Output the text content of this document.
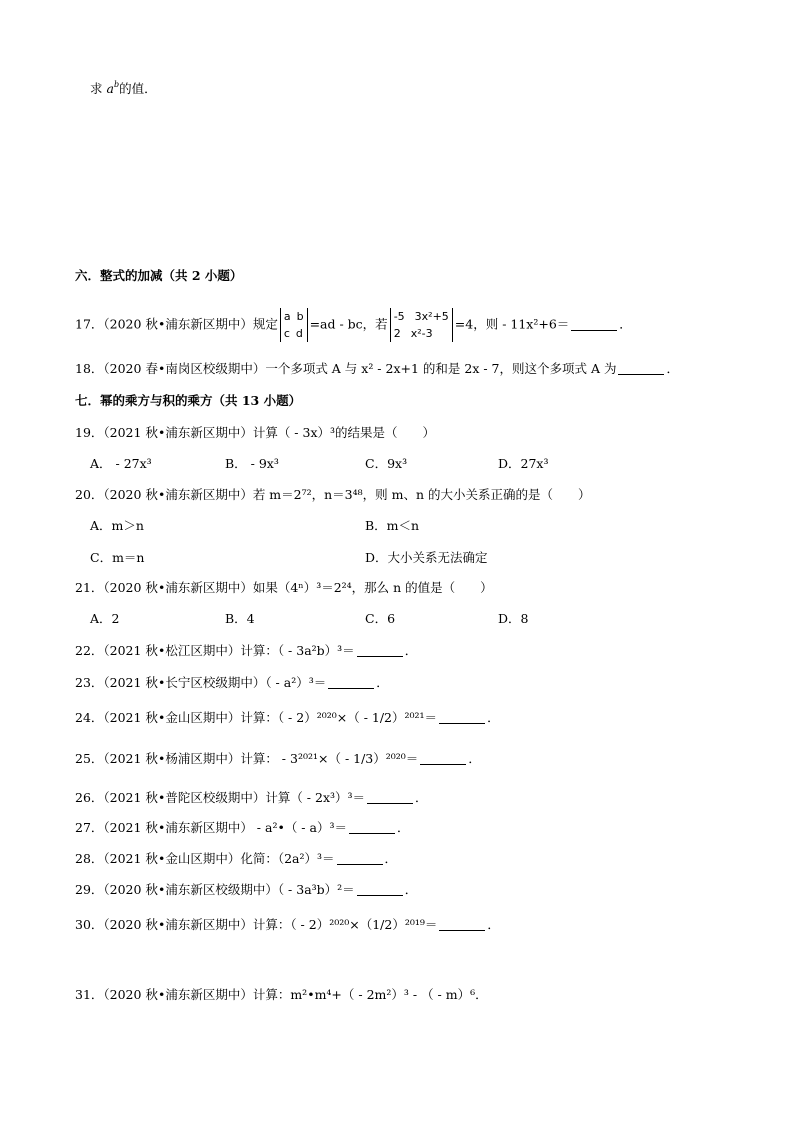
求 $a^b$的值．
六．整式的加减（共 2 小题）
17．（2020 秋•浦东新区期中）规定 a b
c d
=ad - bc，若 -5 3x²+5
2 x²-3
=4，则 - 11x²+6＝	．
18．（2020 春•南岗区校级期中）一个多项式 A 与 x² - 2x+1 的和是 2x - 7，则这个多项式 A 为	．
七．幂的乘方与积的乘方（共 13 小题）
19．（2021 秋•浦东新区期中）计算（ - 3x）³的结果是（　　）
A． - 27x³	B． - 9x³	C．9x³	D．27x³
20．（2020 秋•浦东新区期中）若 m＝2⁷²，n＝3⁴⁸，则 m、n 的大小关系正确的是（　　）
A．m＞n	B．m＜n
C．m＝n	D．大小关系无法确定
21．（2020 秋•浦东新区期中）如果（4ⁿ）³＝2²⁴，那么 n 的值是（　　）
A．2	B．4	C．6	D．8
22．（2021 秋•松江区期中）计算：（ - 3a²b）³＝	．
23．（2021 秋•长宁区校级期中）（ - a²）³＝	．
24．（2021 秋•金山区期中）计算：（ - 2）²⁰²⁰×（ - 1/2）²⁰²¹＝	．
25．（2021 秋•杨浦区期中）计算： - 3²⁰²¹×（ - 1/3）²⁰²⁰＝	．
26．（2021 秋•普陀区校级期中）计算（ - 2x³）³＝	．
27．（2021 秋•浦东新区期中） - a²•（ - a）³＝	．
28．（2021 秋•金山区期中）化简：（2a²）³＝	．
29．（2020 秋•浦东新区校级期中）（ - 3a³b）²＝	．
30．（2020 秋•浦东新区期中）计算：（ - 2）²⁰²⁰×（1/2）²⁰¹⁹＝	．
31．（2020 秋•浦东新区期中）计算：m²•m⁴+（ - 2m²）³ - （ - m）⁶．
